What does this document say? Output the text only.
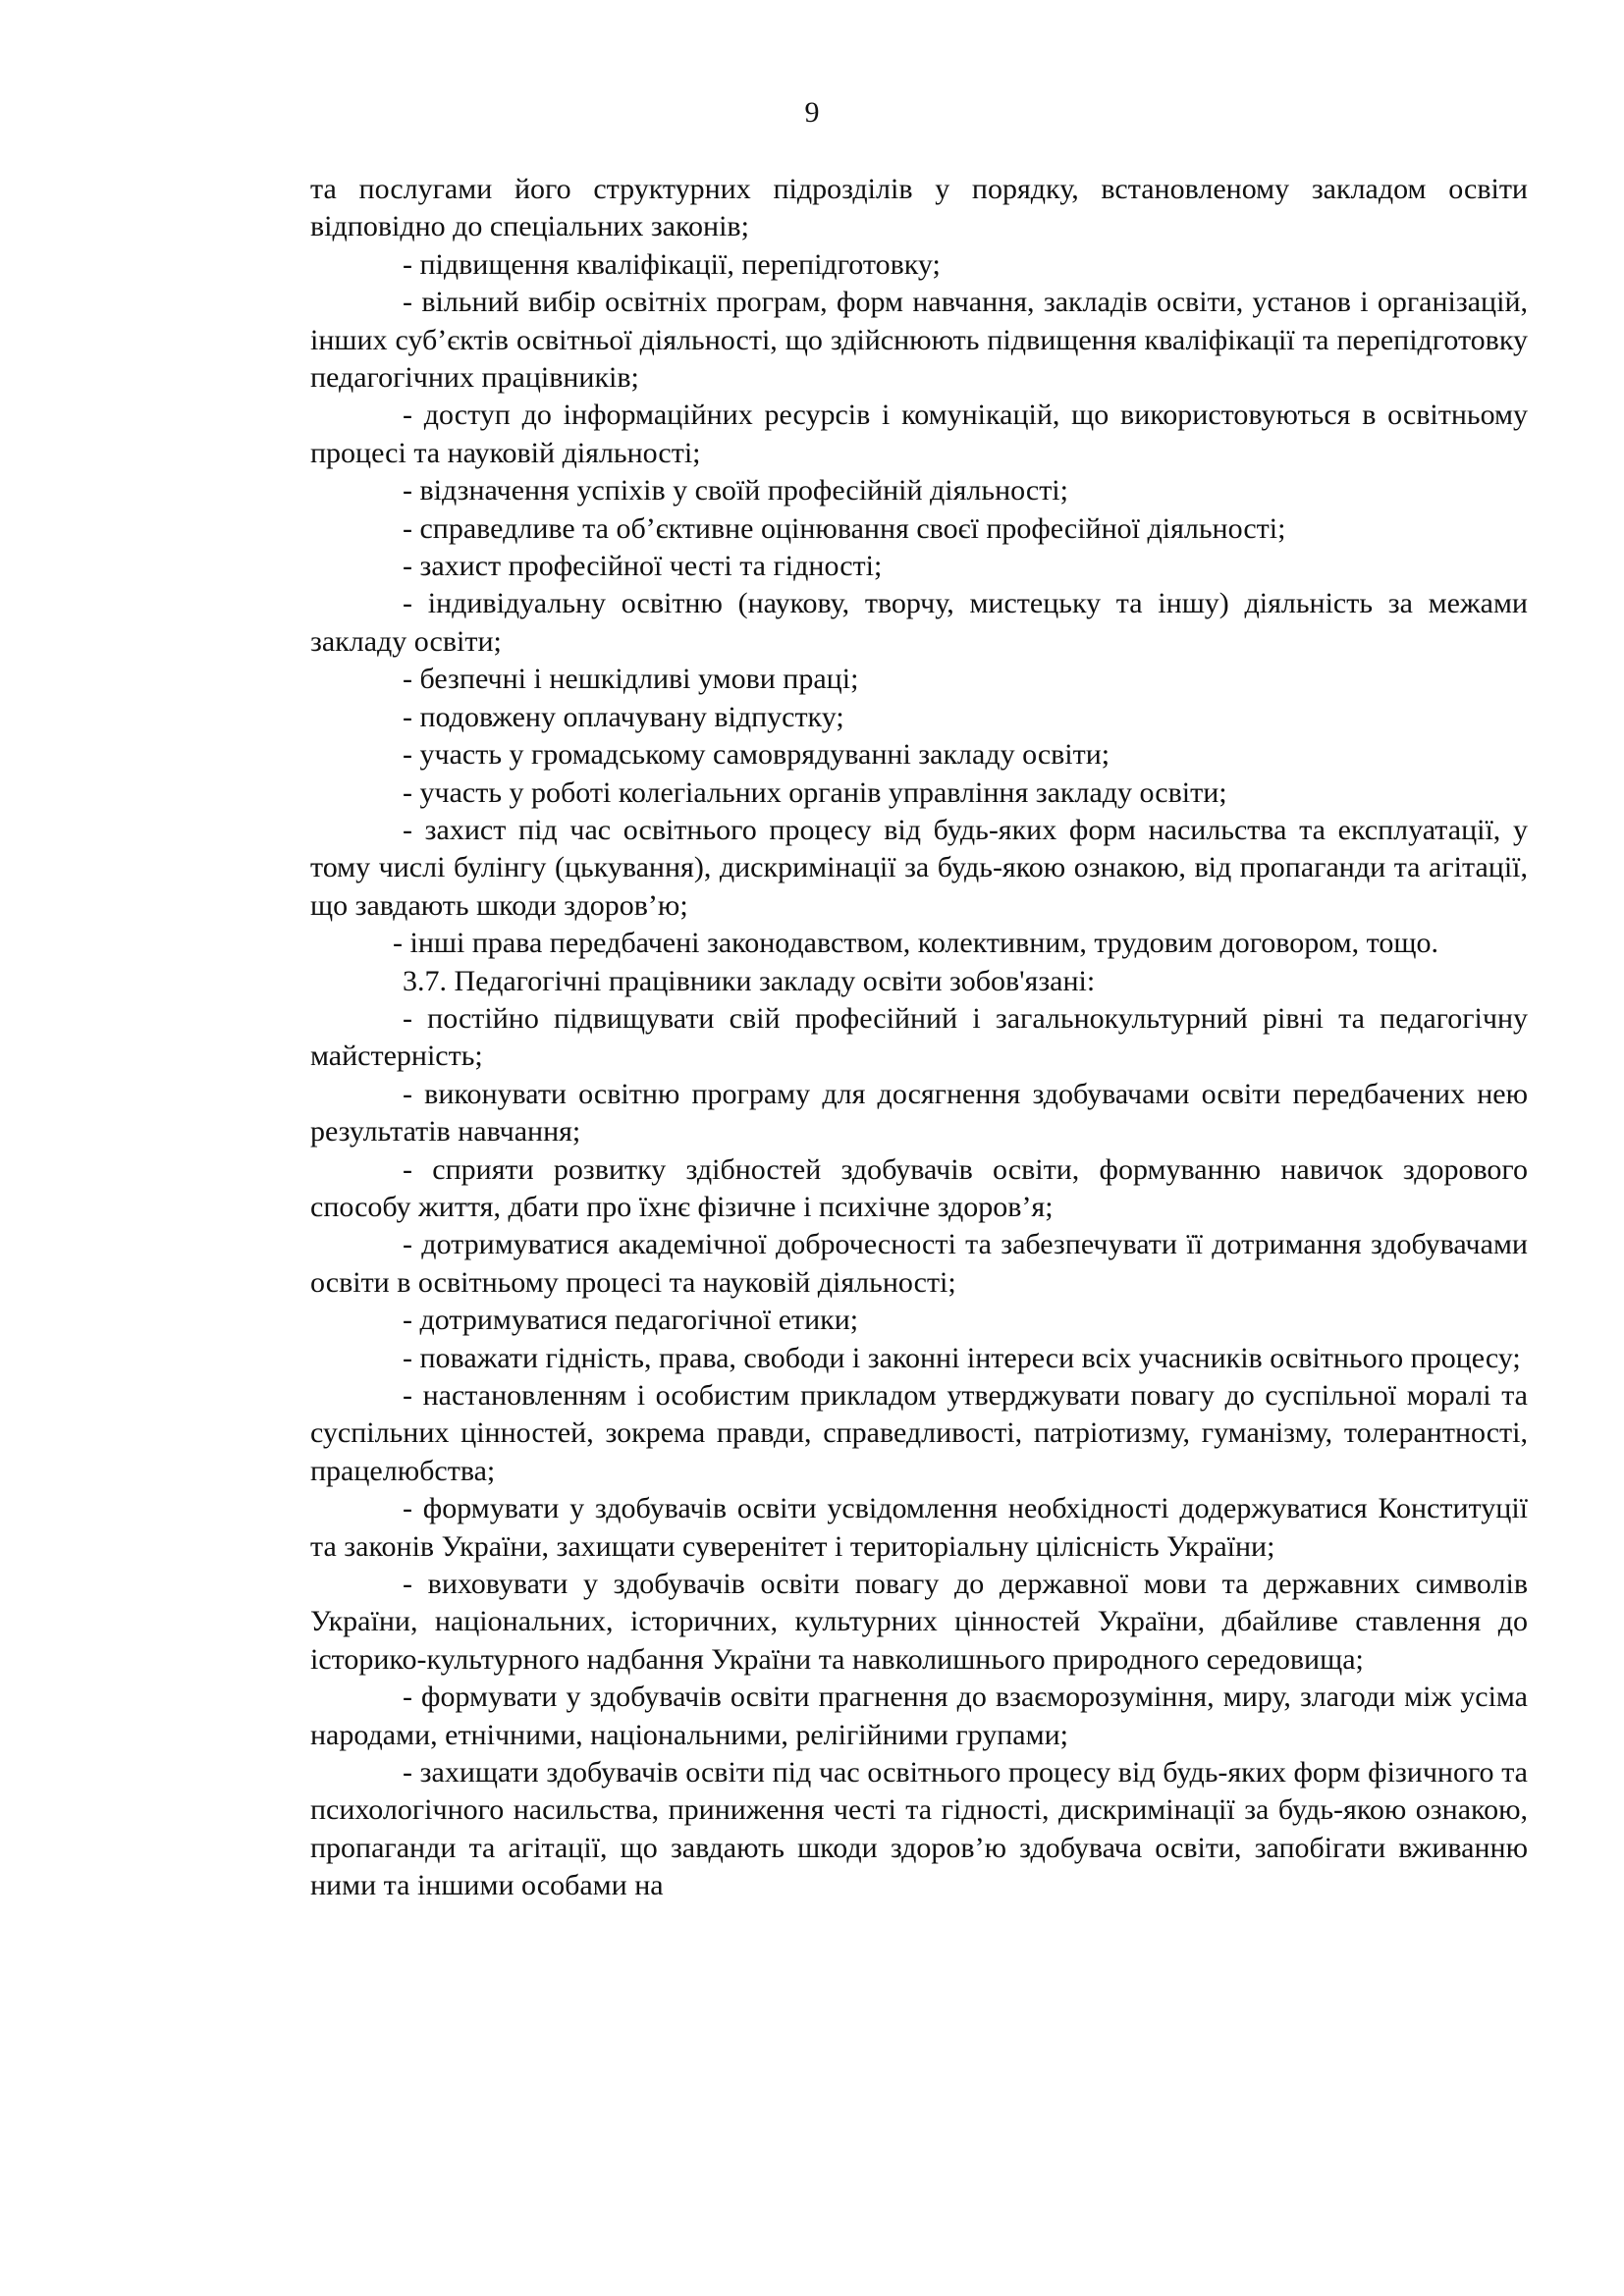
9

та послугами його структурних підрозділів у порядку, встановленому закладом освіти відповідно до спеціальних законів;

- підвищення кваліфікації, перепідготовку;

- вільний вибір освітніх програм, форм навчання, закладів освіти, установ і організацій, інших суб’єктів освітньої діяльності, що здійснюють підвищення кваліфікації та перепідготовку педагогічних працівників;

- доступ до інформаційних ресурсів і комунікацій, що використовуються в освітньому процесі та науковій діяльності;

- відзначення успіхів у своїй професійній діяльності;

- справедливе та об’єктивне оцінювання своєї професійної діяльності;

- захист професійної честі та гідності;

- індивідуальну освітню (наукову, творчу, мистецьку та іншу) діяльність за межами закладу освіти;

- безпечні і нешкідливі умови праці;

- подовжену оплачувану відпустку;

- участь у громадському самоврядуванні закладу освіти;

- участь у роботі колегіальних органів управління закладу освіти;

- захист під час освітнього процесу від будь-яких форм насильства та експлуатації, у тому числі булінгу (цькування), дискримінації за будь-якою ознакою, від пропаганди та агітації, що завдають шкоди здоров’ю;

- інші права передбачені законодавством, колективним, трудовим договором, тощо.

3.7. Педагогічні працівники закладу освіти зобов'язані:

- постійно підвищувати свій професійний і загальнокультурний рівні та педагогічну майстерність;

- виконувати освітню програму для досягнення здобувачами освіти передбачених нею результатів навчання;

- сприяти розвитку здібностей здобувачів освіти, формуванню навичок здорового способу життя, дбати про їхнє фізичне і психічне здоров’я;

- дотримуватися академічної доброчесності та забезпечувати її дотримання здобувачами освіти в освітньому процесі та науковій діяльності;

- дотримуватися педагогічної етики;

- поважати гідність, права, свободи і законні інтереси всіх учасників освітнього процесу;

- настановленням і особистим прикладом утверджувати повагу до суспільної моралі та суспільних цінностей, зокрема правди, справедливості, патріотизму, гуманізму, толерантності, працелюбства;

- формувати у здобувачів освіти усвідомлення необхідності додержуватися Конституції та законів України, захищати суверенітет і територіальну цілісність України;

- виховувати у здобувачів освіти повагу до державної мови та державних символів України, національних, історичних, культурних цінностей України, дбайливе ставлення до історико-культурного надбання України та навколишнього природного середовища;

- формувати у здобувачів освіти прагнення до взаєморозуміння, миру, злагоди між усіма народами, етнічними, національними, релігійними групами;

- захищати здобувачів освіти під час освітнього процесу від будь-яких форм фізичного та психологічного насильства, приниження честі та гідності, дискримінації за будь-якою ознакою, пропаганди та агітації, що завдають шкоди здоров’ю здобувача освіти, запобігати вживанню ними та іншими особами на
